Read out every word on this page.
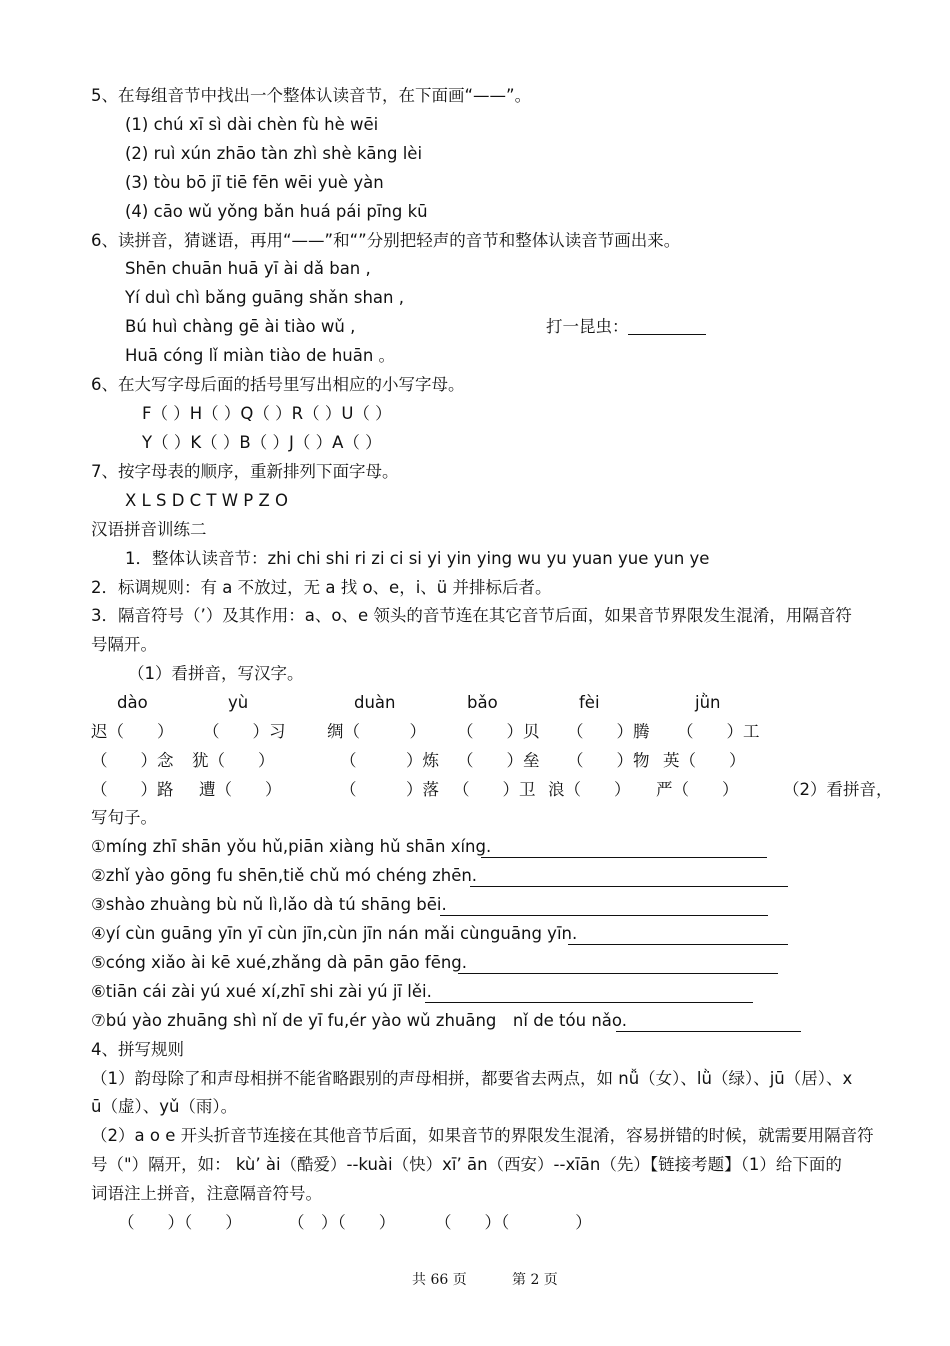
5、在每组音节中找出一个整体认读音节，在下面画“——”。
(1) chú xī sì dài chèn fù hè wēi
(2) ruì xún zhāo tàn zhì shè kāng lèi
(3) tòu bō jī tiē fēn wēi yuè yàn
(4) cāo wǔ yǒng bǎn huá pái pīng kū
6、读拼音，猜谜语，再用“——”和“”分别把轻声的音节和整体认读音节画出来。
Shēn chuān huā yī ài dǎ ban ,
Yí duì chì bǎng guāng shǎn shan ,
Bú huì chàng gē ài tiào wǔ ,	打一昆虫：
Huā cóng lǐ miàn tiào de huān 。
6、在大写字母后面的括号里写出相应的小写字母。
F（ ）H（ ）Q（ ）R（ ）U（ ）
Y（ ）K（ ）B（ ）J（ ）A（ ）
7、按字母表的顺序，重新排列下面字母。
X L S D C T W P Z O
汉语拼音训练二
1．整体认读音节：zhi chi shi ri zi ci si yi yin ying wu yu yuan yue yun ye
2．标调规则：有 a 不放过，无 a 找 o、e，i、ü 并排标后者。
3．隔音符号（’）及其作用：a、o、e 领头的音节连在其它音节后面，如果音节界限发生混淆，用隔音符
号隔开。
（1）看拼音，写汉字。
dào	yù	duàn	bǎo	fèi	jǜn
迟（　　） （　　）习	绸（　　　） （　　）贝 （　　）腾 （　　）工
（　　）念 犹（　　）	（　　　）炼 （　　）垒 （　　）物 英（　　）
（　　）路 遭（　　）	（　　　）落 （　　）卫 浪（　　） 严（　　）	（2）看拼音，
写句子。
①míng zhī shān yǒu hǔ,piān xiàng hǔ shān xíng.
②zhǐ yào gōng fu shēn,tiě chǔ mó chéng zhēn.
③shào zhuàng bù nǔ lì,lǎo dà tú shāng bēi.
④yí cùn guāng yīn yī cùn jīn,cùn jīn nán mǎi cùnguāng yīn.
⑤cóng xiǎo ài kē xué,zhǎng dà pān gāo fēng.
⑥tiān cái zài yú xué xí,zhī shi zài yú jī lěi.
⑦bú yào zhuāng shì nǐ de yī fu,ér yào wǔ zhuāng　nǐ de tóu nǎo.
4、拼写规则
（1）韵母除了和声母相拼不能省略跟别的声母相拼，都要省去两点，如 nǚ（女）、lǜ（绿）、jū（居）、x
ū（虚）、yǔ（雨）。
（2）a o e 开头折音节连接在其他音节后面，如果音节的界限发生混淆，容易拼错的时候，就需要用隔音符
号（"）隔开，如： kù’ ài（酷爱）--kuài（快）xī’ ān（西安）--xīān（先）【链接考题】（1）给下面的
词语注上拼音，注意隔音符号。
（　　）（　　）	（　）（　　） （　　）（　　　　）
共 66 页	第 2 页
